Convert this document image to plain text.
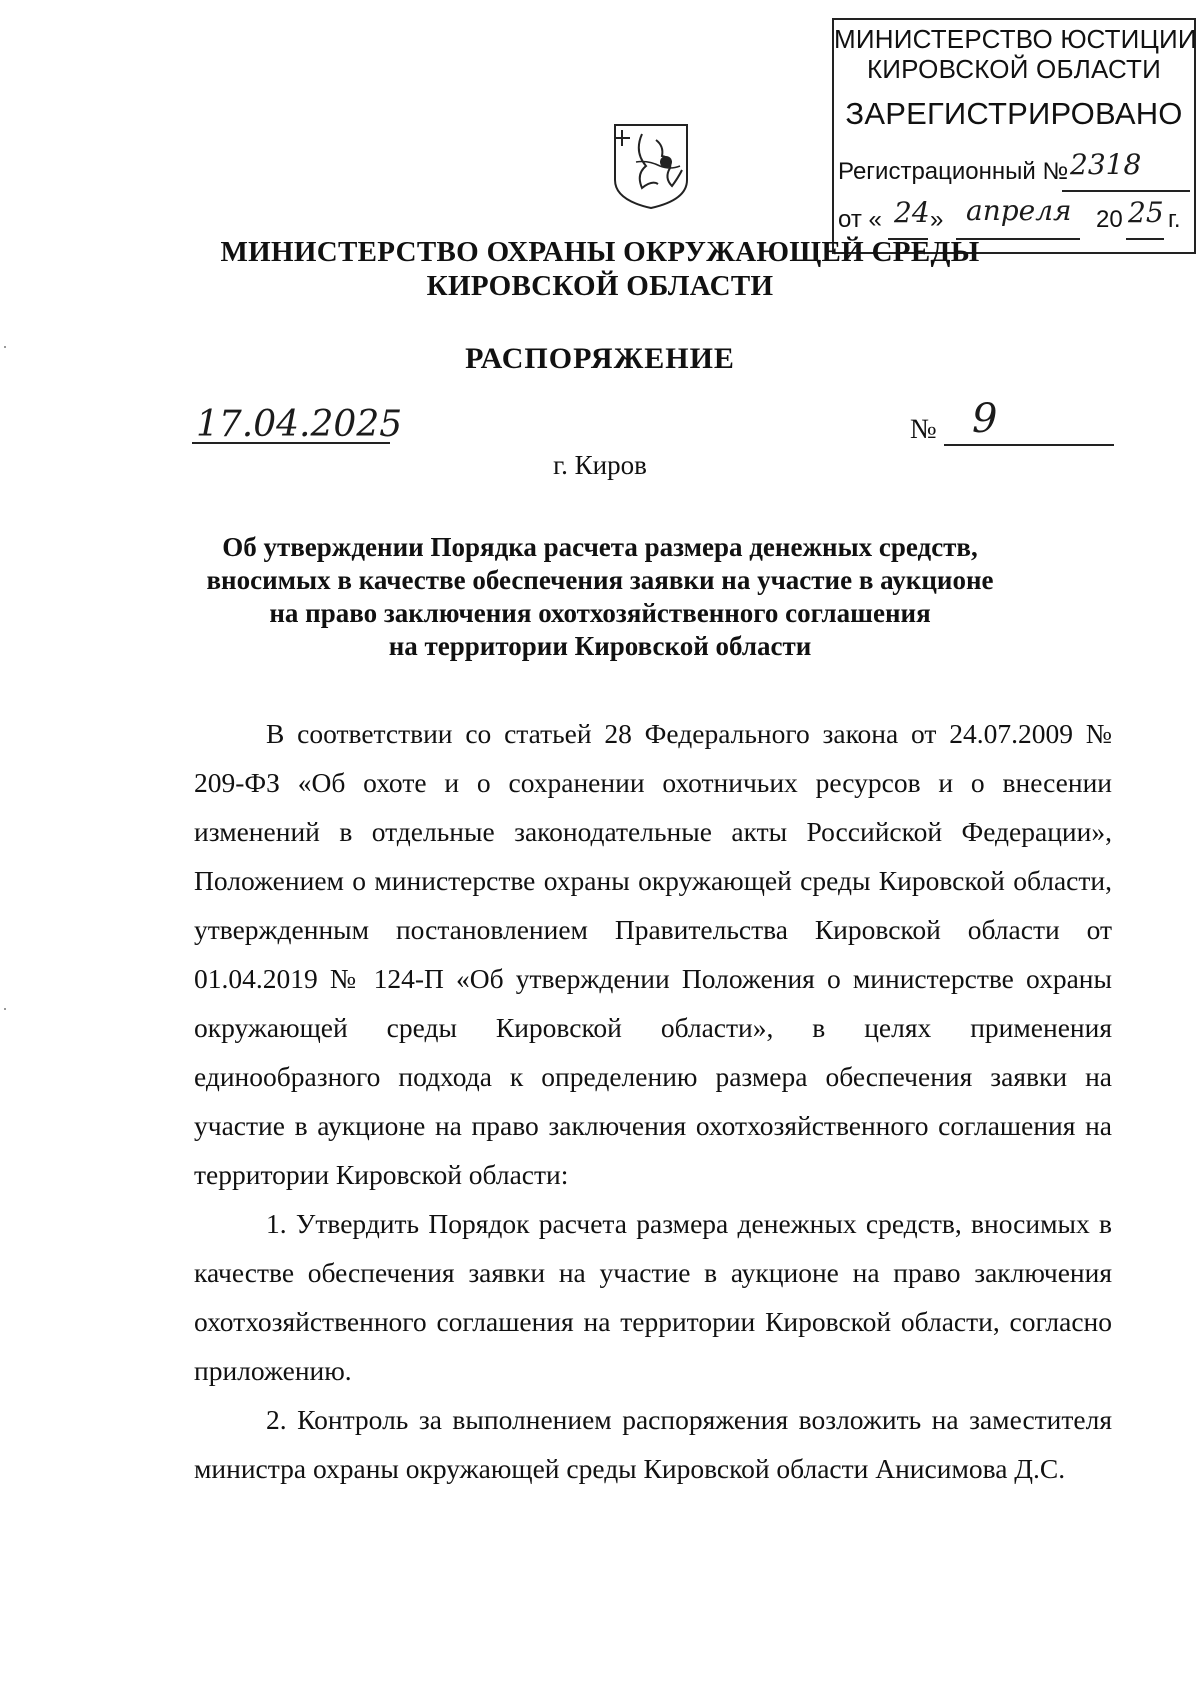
МИНИСТЕРСТВО ЮСТИЦИИ
КИРОВСКОЙ ОБЛАСТИ
ЗАРЕГИСТРИРОВАНО
Регистрационный № 2318
от « 24 » апреля 20 25 г.
МИНИСТЕРСТВО ОХРАНЫ ОКРУЖАЮЩЕЙ СРЕДЫ
КИРОВСКОЙ ОБЛАСТИ
РАСПОРЯЖЕНИЕ
17.04.2025	№ 9
г. Киров
Об утверждении Порядка расчета размера денежных средств,
вносимых в качестве обеспечения заявки на участие в аукционе
на право заключения охотхозяйственного соглашения
на территории Кировской области

В соответствии со статьей 28 Федерального закона от 24.07.2009 № 209-ФЗ «Об охоте и о сохранении охотничьих ресурсов и о внесении изменений в отдельные законодательные акты Российской Федерации», Положением о министерстве охраны окружающей среды Кировской области, утвержденным постановлением Правительства Кировской области от 01.04.2019 № 124-П «Об утверждении Положения о министерстве охраны окружающей среды Кировской области», в целях применения единообразного подхода к определению размера обеспечения заявки на участие в аукционе на право заключения охотхозяйственного соглашения на территории Кировской области:

1. Утвердить Порядок расчета размера денежных средств, вносимых в качестве обеспечения заявки на участие в аукционе на право заключения охотхозяйственного соглашения на территории Кировской области, согласно приложению.

2. Контроль за выполнением распоряжения возложить на заместителя министра охраны окружающей среды Кировской области Анисимова Д.С.
